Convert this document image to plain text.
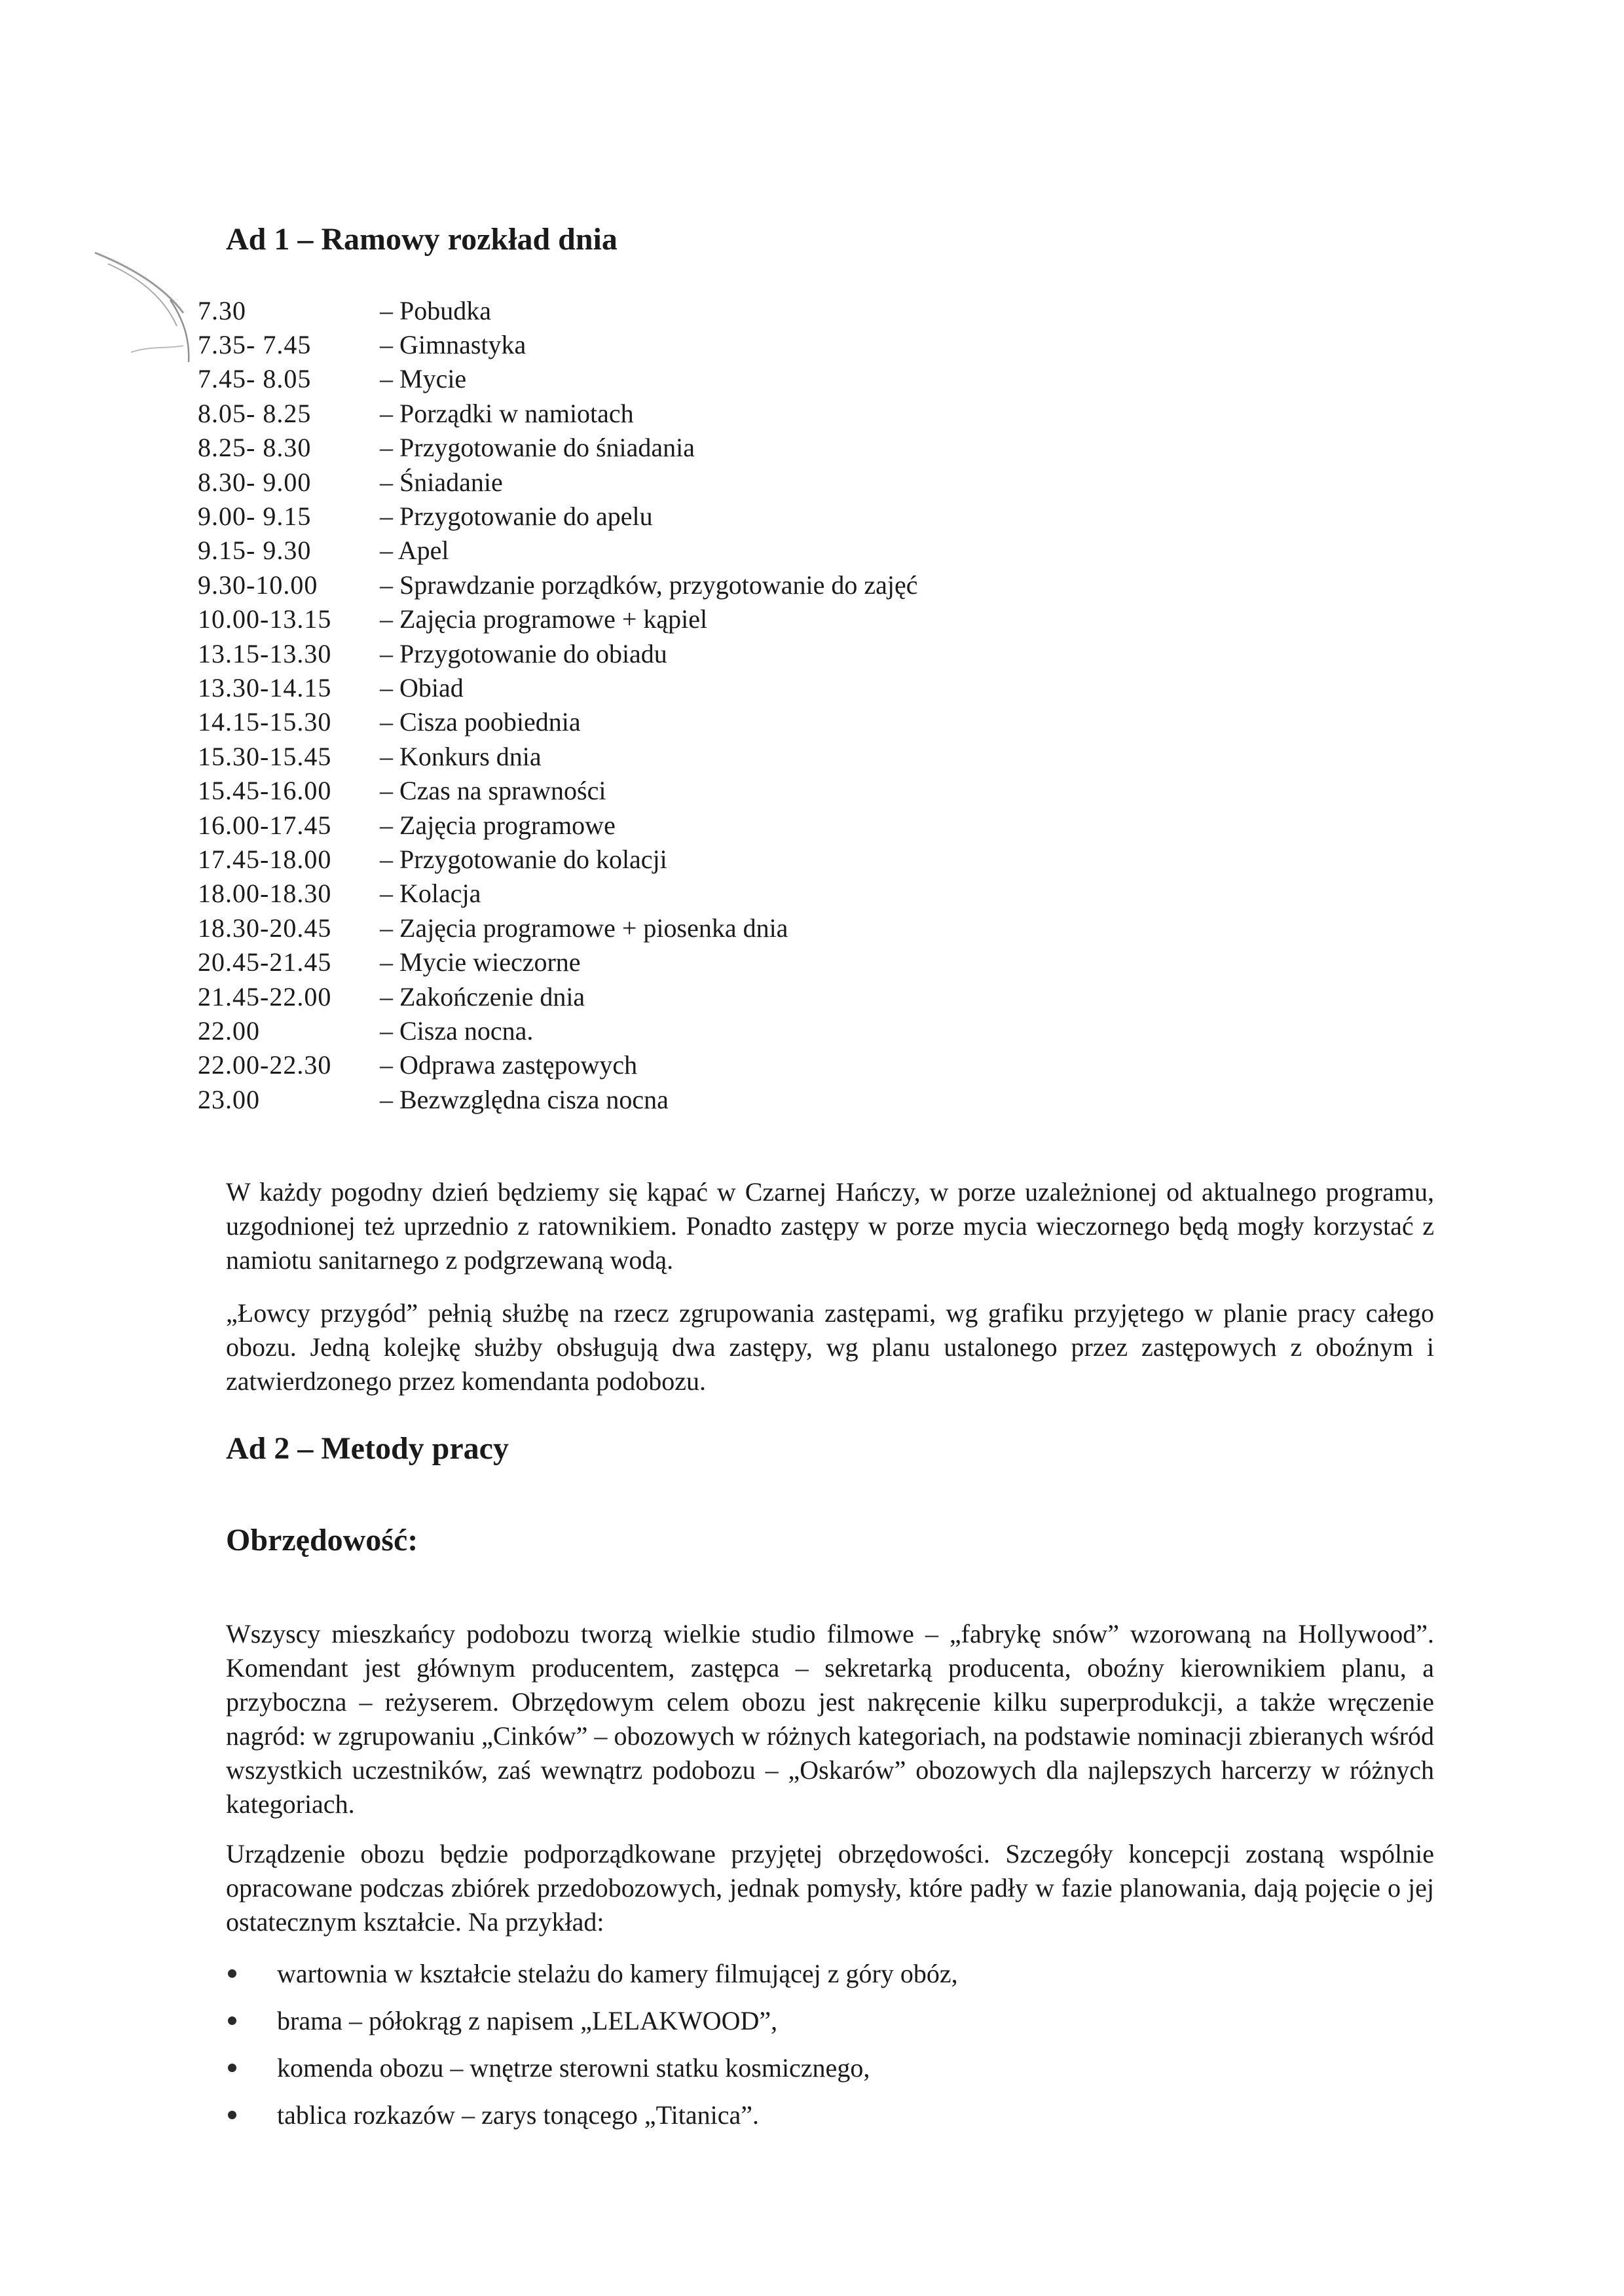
Ad 1 – Ramowy rozkład dnia
7.30	– Pobudka
7.35- 7.45	– Gimnastyka
7.45- 8.05	– Mycie
8.05- 8.25	– Porządki w namiotach
8.25- 8.30	– Przygotowanie do śniadania
8.30- 9.00	– Śniadanie
9.00- 9.15	– Przygotowanie do apelu
9.15- 9.30	– Apel
9.30-10.00	– Sprawdzanie porządków, przygotowanie do zajęć
10.00-13.15	– Zajęcia programowe + kąpiel
13.15-13.30	– Przygotowanie do obiadu
13.30-14.15	– Obiad
14.15-15.30	– Cisza poobiednia
15.30-15.45	– Konkurs dnia
15.45-16.00	– Czas na sprawności
16.00-17.45	– Zajęcia programowe
17.45-18.00	– Przygotowanie do kolacji
18.00-18.30	– Kolacja
18.30-20.45	– Zajęcia programowe + piosenka dnia
20.45-21.45	– Mycie wieczorne
21.45-22.00	– Zakończenie dnia
22.00	– Cisza nocna.
22.00-22.30	– Odprawa zastępowych
23.00	– Bezwzględna cisza nocna

W każdy pogodny dzień będziemy się kąpać w Czarnej Hańczy, w porze uzależnionej od aktualnego programu, uzgodnionej też uprzednio z ratownikiem. Ponadto zastępy w porze mycia wieczornego będą mogły korzystać z namiotu sanitarnego z podgrzewaną wodą.

„Łowcy przygód” pełnią służbę na rzecz zgrupowania zastępami, wg grafiku przyjętego w planie pracy całego obozu. Jedną kolejkę służby obsługują dwa zastępy, wg planu ustalonego przez zastępowych z oboźnym i zatwierdzonego przez komendanta podobozu.

Ad 2 – Metody pracy
Obrzędowość:

Wszyscy mieszkańcy podobozu tworzą wielkie studio filmowe – „fabrykę snów” wzorowaną na Hollywood”. Komendant jest głównym producentem, zastępca – sekretarką producenta, oboźny kierownikiem planu, a przyboczna – reżyserem. Obrzędowym celem obozu jest nakręcenie kilku superprodukcji, a także wręczenie nagród: w zgrupowaniu „Cinków” – obozowych w różnych kategoriach, na podstawie nominacji zbieranych wśród wszystkich uczestników, zaś wewnątrz podobozu – „Oskarów” obozowych dla najlepszych harcerzy w różnych kategoriach.

Urządzenie obozu będzie podporządkowane przyjętej obrzędowości. Szczegóły koncepcji zostaną wspólnie opracowane podczas zbiórek przedobozowych, jednak pomysły, które padły w fazie planowania, dają pojęcie o jej ostatecznym kształcie. Na przykład:

wartownia w kształcie stelażu do kamery filmującej z góry obóz,
brama – półokrąg z napisem „LELAKWOOD”,
komenda obozu – wnętrze sterowni statku kosmicznego,
tablica rozkazów – zarys tonącego „Titanica”.
